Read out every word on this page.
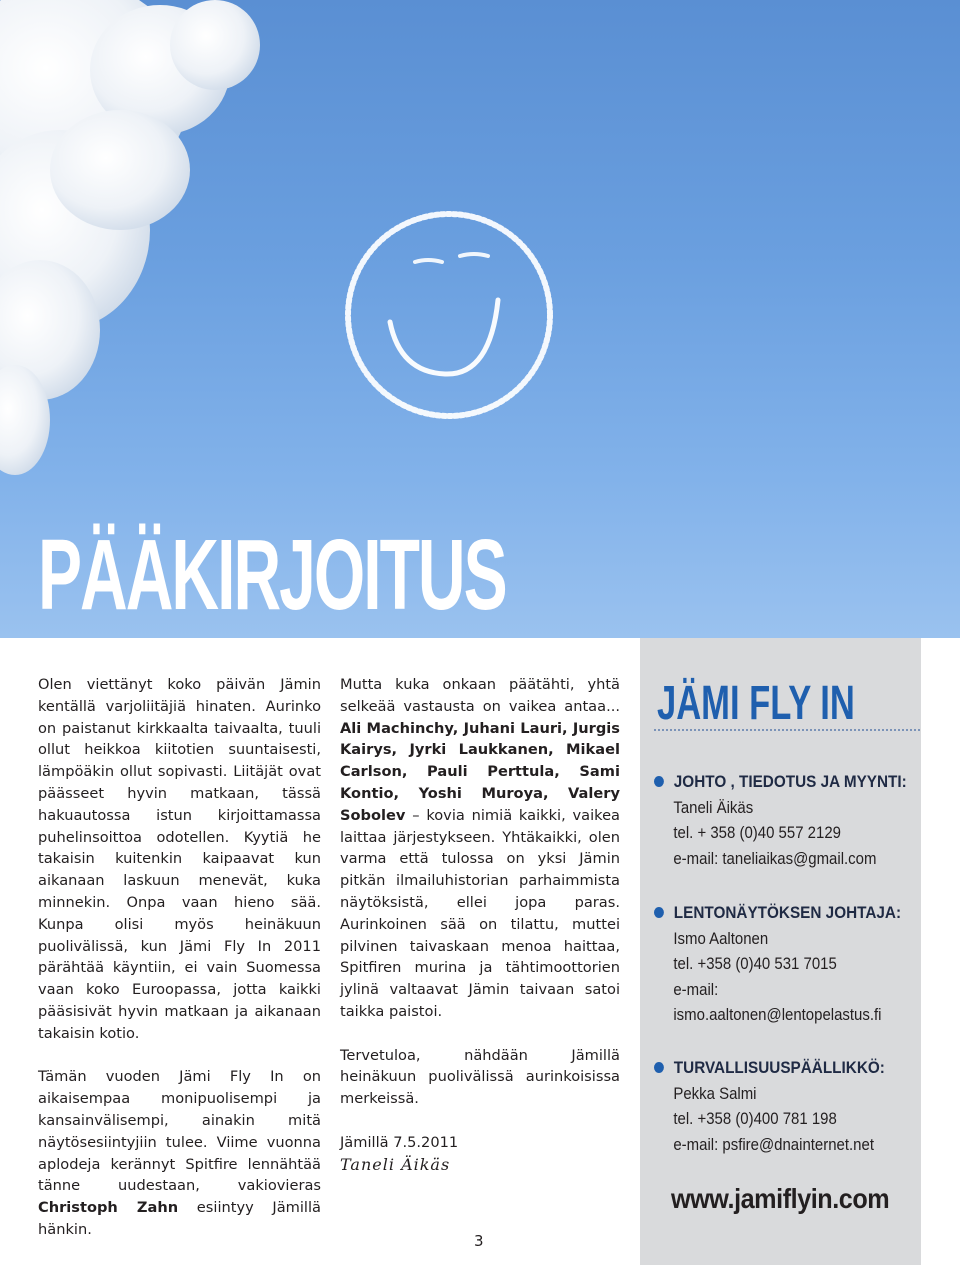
PÄÄKIRJOITUS

Olen viettänyt koko päivän Jämin kentällä varjoliitäjiä hinaten. Aurinko on paistanut kirkkaalta taivaalta, tuuli ollut heikkoa kiitotien suuntaisesti, lämpöäkin ollut sopivasti. Liitäjät ovat päässeet hyvin matkaan, tässä hakuautossa istun kirjoittamassa puhelinsoittoa odotellen. Kyytiä he takaisin kuitenkin kaipaavat kun aikanaan laskuun menevät, kuka minnekin. Onpa vaan hieno sää. Kunpa olisi myös heinäkuun puolivälissä, kun Jämi Fly In 2011 pärähtää käyntiin, ei vain Suomessa vaan koko Euroopassa, jotta kaikki pääsisivät hyvin matkaan ja aikanaan takaisin kotio.

Tämän vuoden Jämi Fly In on aikaisempaa monipuolisempi ja kansainvälisempi, ainakin mitä näytösesiintyjiin tulee. Viime vuonna aplodeja kerännyt Spitfire lennähtää tänne uudestaan, vakiovieras Christoph Zahn esiintyy Jämillä hänkin.

Mutta kuka onkaan päätähti, yhtä selkeää vastausta on vaikea antaa... Ali Machinchy, Juhani Lauri, Jurgis Kairys, Jyrki Laukkanen, Mikael Carlson, Pauli Perttula, Sami Kontio, Yoshi Muroya, Valery Sobolev – kovia nimiä kaikki, vaikea laittaa järjestykseen. Yhtäkaikki, olen varma että tulossa on yksi Jämin pitkän ilmailuhistorian parhaimmista näytöksistä, ellei jopa paras. Aurinkoinen sää on tilattu, muttei pilvinen taivaskaan menoa haittaa, Spitfiren murina ja tähtimoottorien jylinä valtaavat Jämin taivaan satoi taikka paistoi.

Tervetuloa, nähdään Jämillä heinäkuun puolivälissä aurinkoisissa merkeissä.

Jämillä 7.5.2011
Taneli Äikäs

JÄMI FLY IN
JOHTO , TIEDOTUS JA MYYNTI:
Taneli Äikäs
tel. + 358 (0)40 557 2129
e-mail: taneliaikas@gmail.com
LENTONÄYTÖKSEN JOHTAJA:
Ismo Aaltonen
tel. +358 (0)40 531 7015
e-mail:
ismo.aaltonen@lentopelastus.fi
TURVALLISUUSPÄÄLLIKKÖ:
Pekka Salmi
tel. +358 (0)400 781 198
e-mail: psfire@dnainternet.net
www.jamiflyin.com
3
